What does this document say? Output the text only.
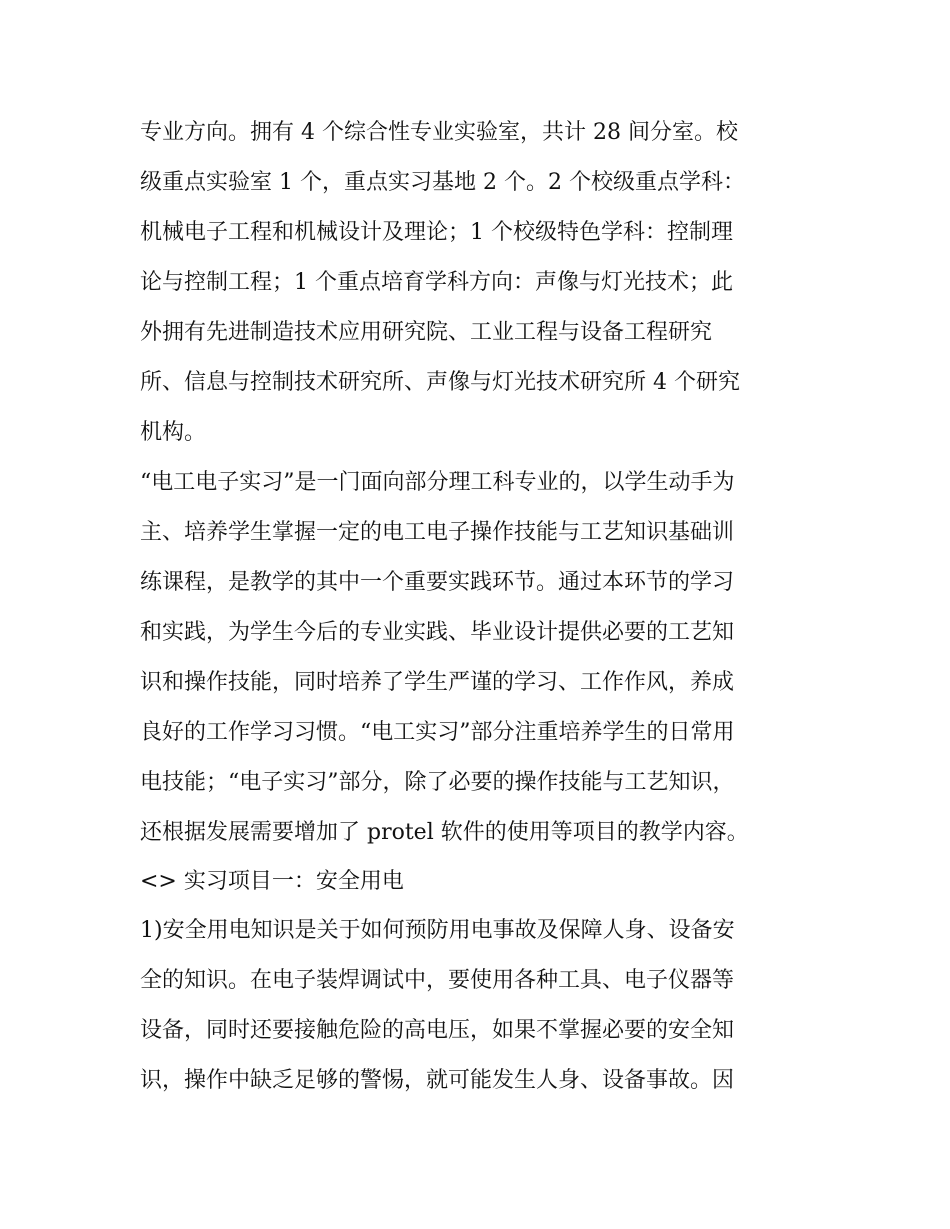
专业方向。拥有 4 个综合性专业实验室，共计 28 间分室。校

级重点实验室 1 个，重点实习基地 2 个。2 个校级重点学科：

机械电子工程和机械设计及理论；1 个校级特色学科：控制理

论与控制工程；1 个重点培育学科方向：声像与灯光技术；此

外拥有先进制造技术应用研究院、工业工程与设备工程研究

所、信息与控制技术研究所、声像与灯光技术研究所 4 个研究

机构。

“电工电子实习”是一门面向部分理工科专业的，以学生动手为

主、培养学生掌握一定的电工电子操作技能与工艺知识基础训

练课程，是教学的其中一个重要实践环节。通过本环节的学习

和实践，为学生今后的专业实践、毕业设计提供必要的工艺知

识和操作技能，同时培养了学生严谨的学习、工作作风，养成

良好的工作学习习惯。“电工实习”部分注重培养学生的日常用

电技能；“电子实习”部分，除了必要的操作技能与工艺知识，

还根据发展需要增加了 protel 软件的使用等项目的教学内容。

<> 实习项目一：安全用电

1)安全用电知识是关于如何预防用电事故及保障人身、设备安

全的知识。在电子装焊调试中，要使用各种工具、电子仪器等

设备，同时还要接触危险的高电压，如果不掌握必要的安全知

识，操作中缺乏足够的警惕，就可能发生人身、设备事故。因
